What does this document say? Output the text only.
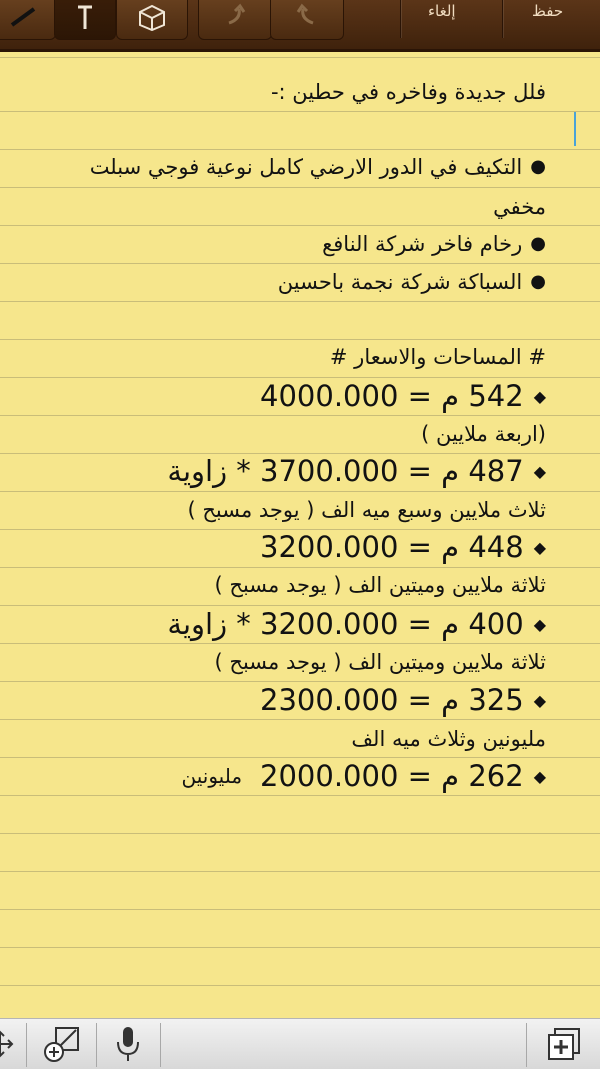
إلغاء	حفظ
فلل جديدة وفاخره في حطين :-
● التكيف في الدور الارضي كامل نوعية فوجي سبلت
مخفي
● رخام فاخر شركة النافع
● السباكة شركة نجمة باحسين
# المساحات والاسعار #
◆ 542 م = 4000.000
(اربعة ملايين )
◆ 487 م = 3700.000 * زاوية
ثلاث ملايين وسبع ميه الف ( يوجد مسبح )
◆ 448 م = 3200.000
ثلاثة ملايين وميتين الف ( يوجد مسبح )
◆ 400 م = 3200.000 * زاوية
ثلاثة ملايين وميتين الف ( يوجد مسبح )
◆ 325 م = 2300.000
مليونين وثلاث ميه الف
◆ 262 م = 2000.000مليونين
